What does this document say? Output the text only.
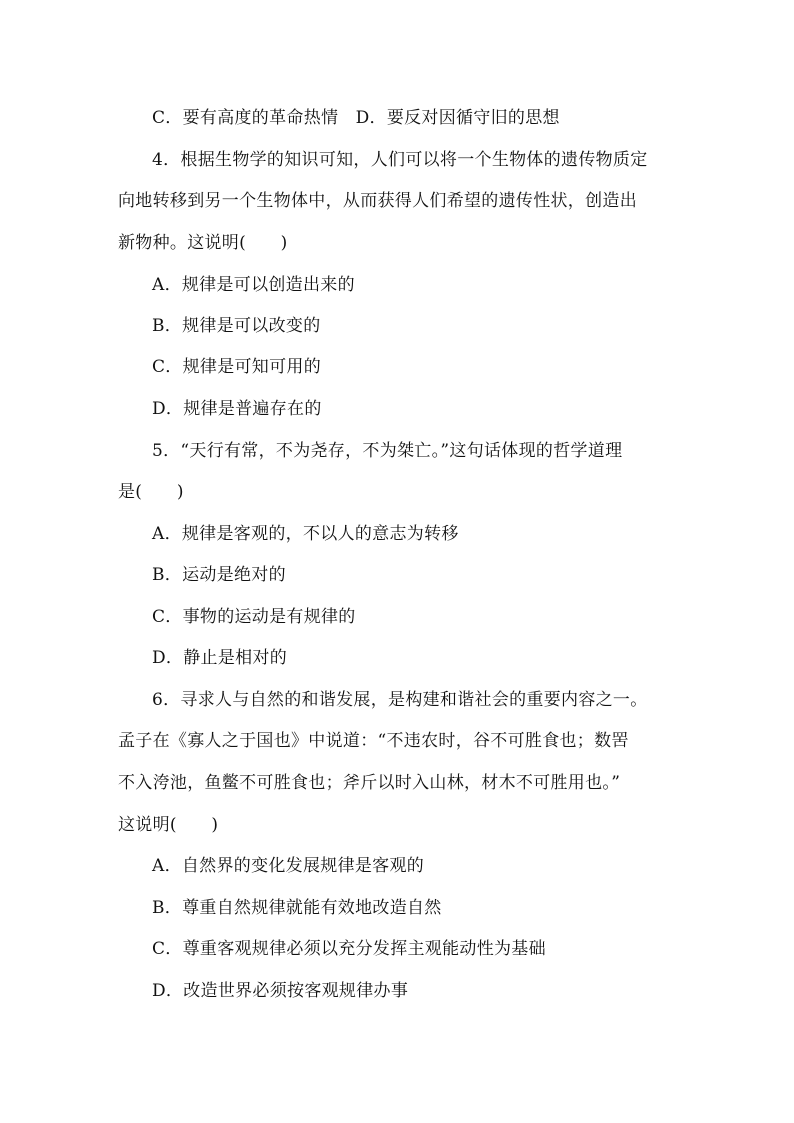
C．要有高度的革命热情　D．要反对因循守旧的思想
4．根据生物学的知识可知，人们可以将一个生物体的遗传物质定
向地转移到另一个生物体中，从而获得人们希望的遗传性状，创造出
新物种。这说明(　　)
A．规律是可以创造出来的
B．规律是可以改变的
C．规律是可知可用的
D．规律是普遍存在的
5．“天行有常，不为尧存，不为桀亡。”这句话体现的哲学道理
是(　　)
A．规律是客观的，不以人的意志为转移
B．运动是绝对的
C．事物的运动是有规律的
D．静止是相对的
6．寻求人与自然的和谐发展，是构建和谐社会的重要内容之一。
孟子在《寡人之于国也》中说道：“不违农时，谷不可胜食也；数罟
不入洿池，鱼鳖不可胜食也；斧斤以时入山林，材木不可胜用也。”
这说明(　　)
A．自然界的变化发展规律是客观的
B．尊重自然规律就能有效地改造自然
C．尊重客观规律必须以充分发挥主观能动性为基础
D．改造世界必须按客观规律办事
